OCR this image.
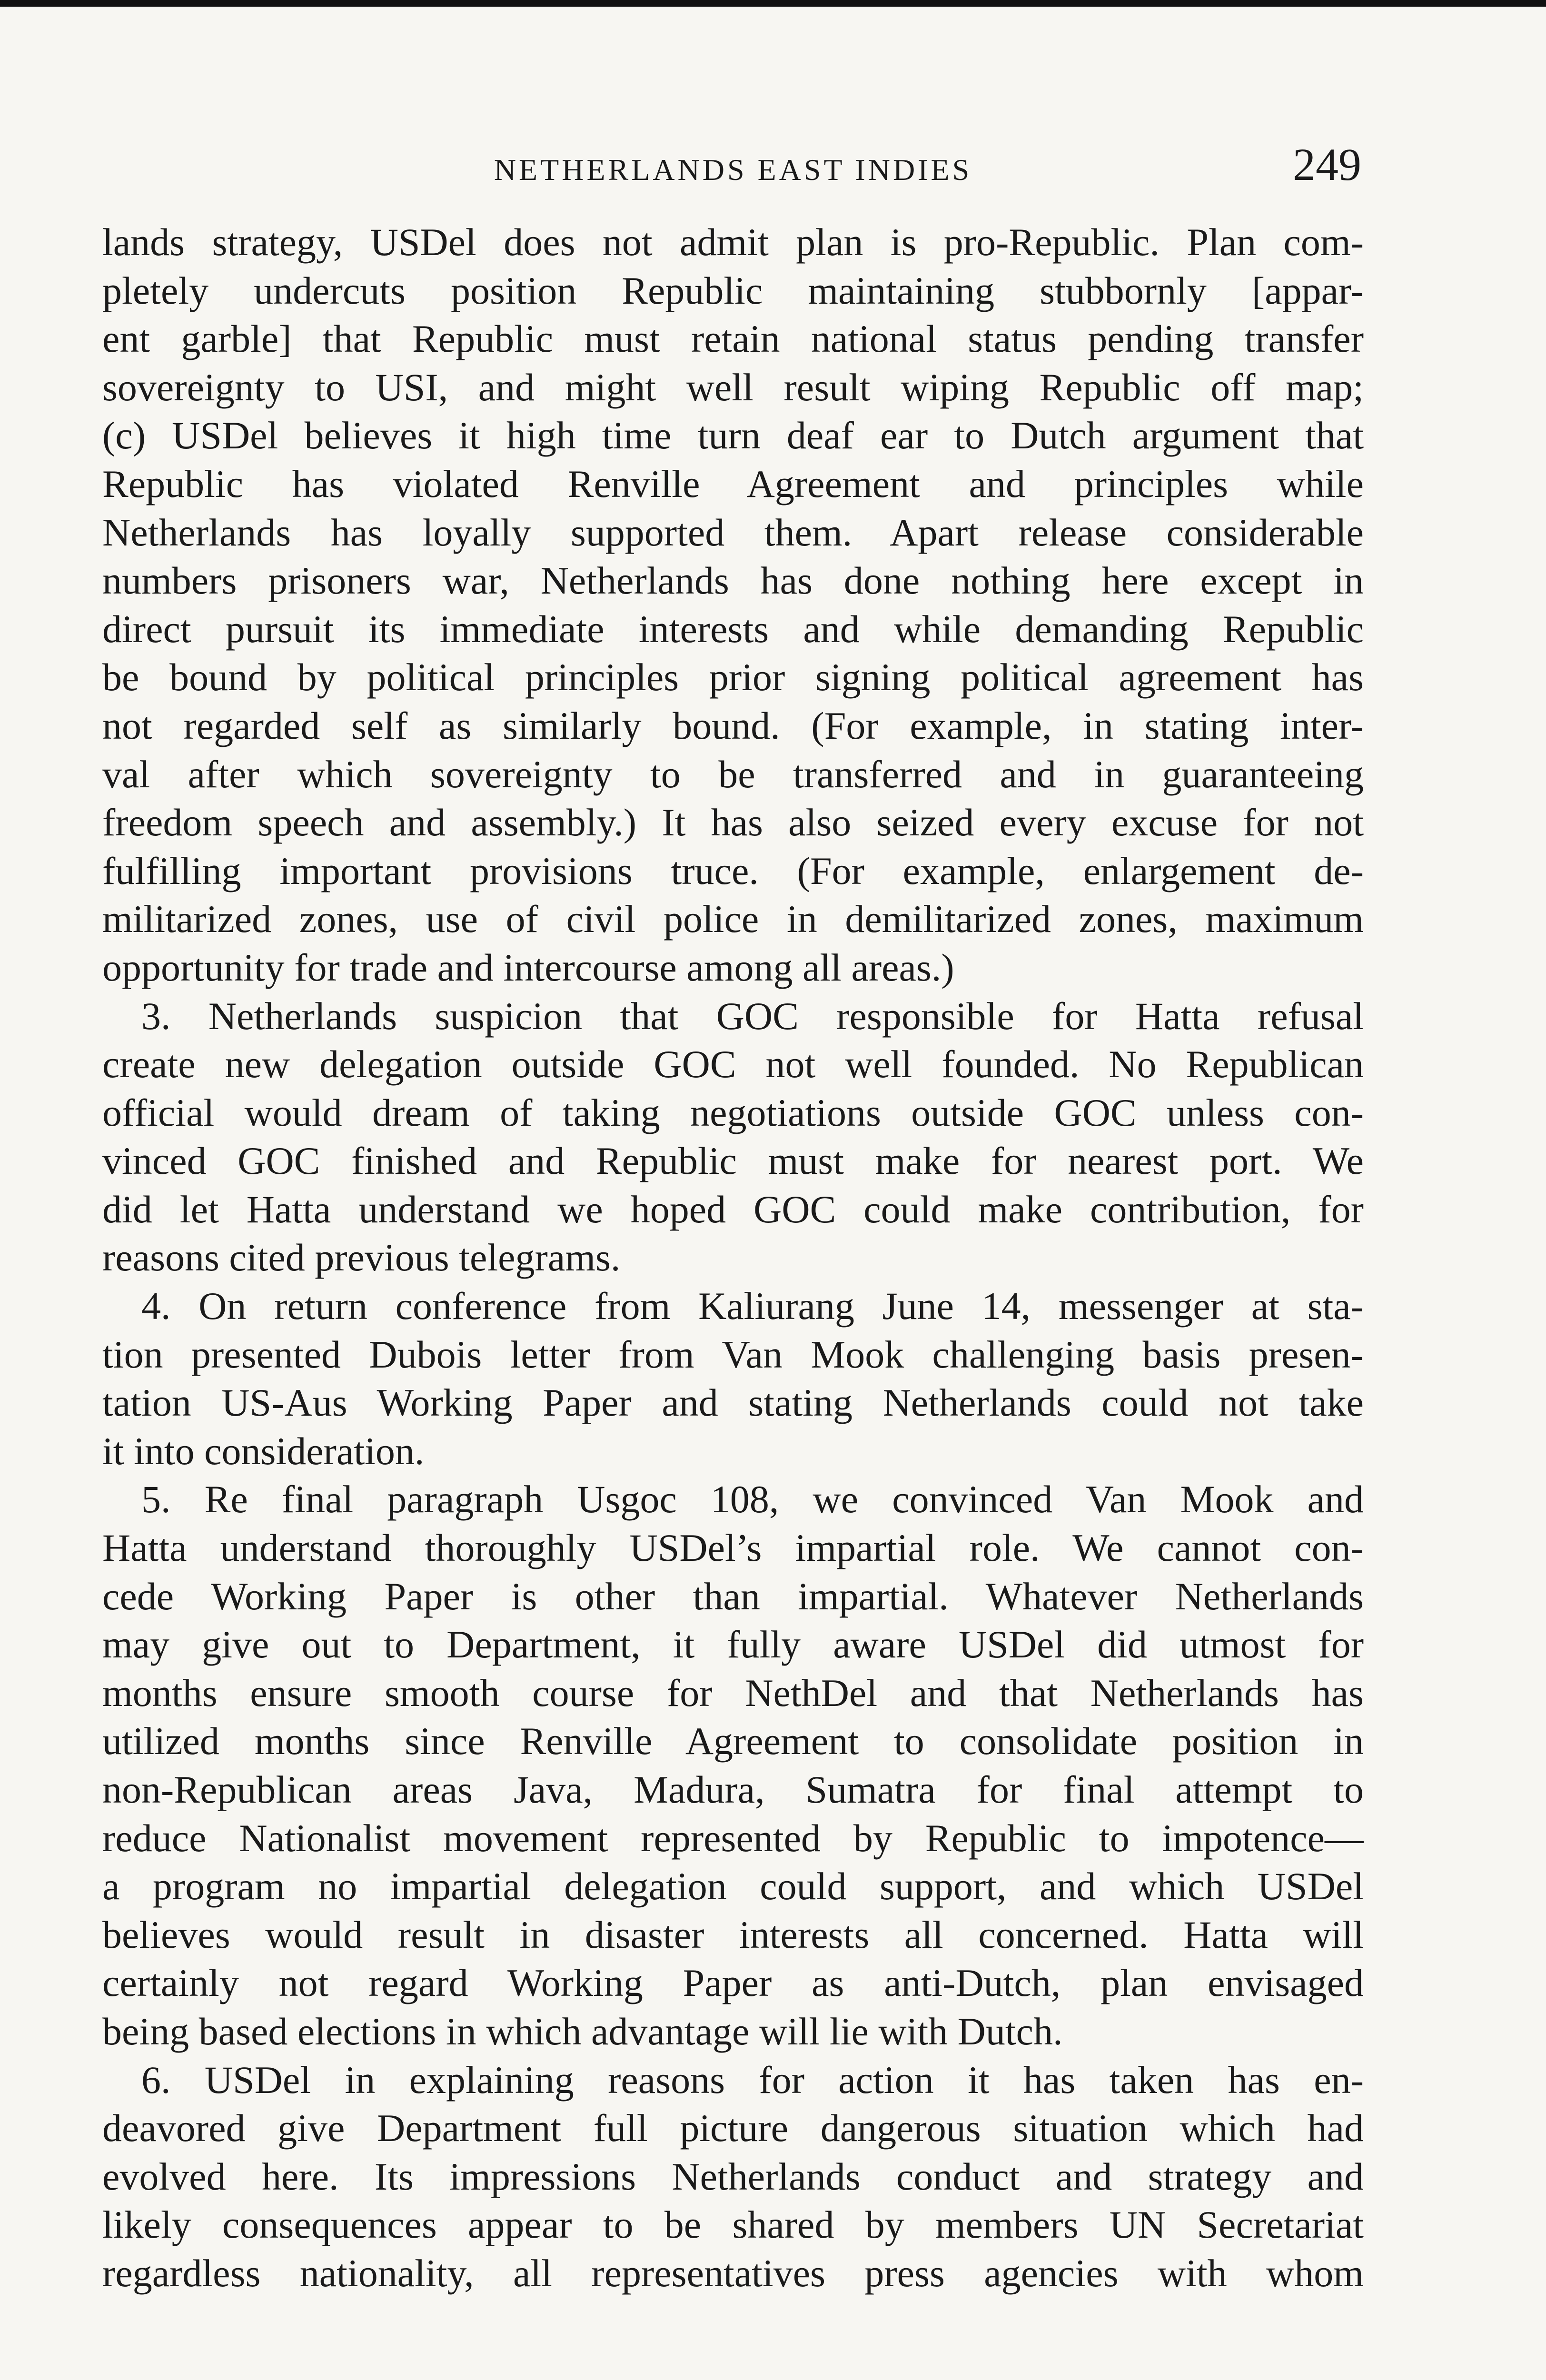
NETHERLANDS EAST INDIES	249
lands strategy, USDel does not admit plan is pro-Republic. Plan com-
pletely undercuts position Republic maintaining stubbornly [appar-
ent garble] that Republic must retain national status pending transfer
sovereignty to USI, and might well result wiping Republic off map;
(c) USDel believes it high time turn deaf ear to Dutch argument that
Republic has violated Renville Agreement and principles while
Netherlands has loyally supported them. Apart release considerable
numbers prisoners war, Netherlands has done nothing here except in
direct pursuit its immediate interests and while demanding Republic
be bound by political principles prior signing political agreement has
not regarded self as similarly bound. (For example, in stating inter-
val after which sovereignty to be transferred and in guaranteeing
freedom speech and assembly.) It has also seized every excuse for not
fulfilling important provisions truce. (For example, enlargement de-
militarized zones, use of civil police in demilitarized zones, maximum
opportunity for trade and intercourse among all areas.)
3. Netherlands suspicion that GOC responsible for Hatta refusal
create new delegation outside GOC not well founded. No Republican
official would dream of taking negotiations outside GOC unless con-
vinced GOC finished and Republic must make for nearest port. We
did let Hatta understand we hoped GOC could make contribution, for
reasons cited previous telegrams.
4. On return conference from Kaliurang June 14, messenger at sta-
tion presented Dubois letter from Van Mook challenging basis presen-
tation US-Aus Working Paper and stating Netherlands could not take
it into consideration.
5. Re final paragraph Usgoc 108, we convinced Van Mook and
Hatta understand thoroughly USDel’s impartial role. We cannot con-
cede Working Paper is other than impartial. Whatever Netherlands
may give out to Department, it fully aware USDel did utmost for
months ensure smooth course for NethDel and that Netherlands has
utilized months since Renville Agreement to consolidate position in
non-Republican areas Java, Madura, Sumatra for final attempt to
reduce Nationalist movement represented by Republic to impotence—
a program no impartial delegation could support, and which USDel
believes would result in disaster interests all concerned. Hatta will
certainly not regard Working Paper as anti-Dutch, plan envisaged
being based elections in which advantage will lie with Dutch.
6. USDel in explaining reasons for action it has taken has en-
deavored give Department full picture dangerous situation which had
evolved here. Its impressions Netherlands conduct and strategy and
likely consequences appear to be shared by members UN Secretariat
regardless nationality, all representatives press agencies with whom
